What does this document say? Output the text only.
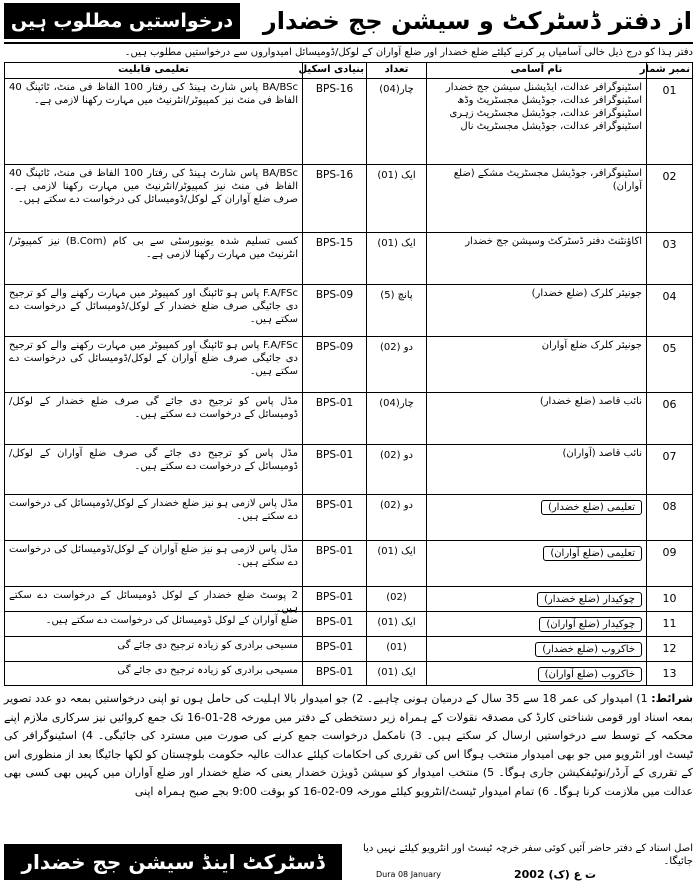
درخواستیں مطلوب ہیں	از دفتر ڈسٹرکٹ و سیشن جج خضدار
دفتر ہذا کو درج ذیل خالی آسامیاں پر کرنے کیلئے ضلع خضدار اور ضلع آواران کے لوکل/ڈومیسائل امیدواروں سے درخواستیں مطلوب ہیں۔
نمبر شمار
نام آسامی
تعداد
بنیادی اسکیل
تعلیمی قابلیت
01
اسٹینوگرافر عدالت، ایڈیشنل سیشن جج خضدار
اسٹینوگرافر عدالت، جوڈیشل مجسٹریٹ وڈھ
اسٹینوگرافر عدالت، جوڈیشل مجسٹریٹ زہری
اسٹینوگرافر عدالت، جوڈیشل مجسٹریٹ نال
چار(04)
BPS-16
BA/BSc پاس شارٹ ہینڈ کی رفتار 100 الفاظ فی منٹ، ٹائپنگ 40 الفاظ فی منٹ نیز کمپیوٹر/انٹرنیٹ میں مہارت رکھنا لازمی ہے۔
02
اسٹینوگرافر، جوڈیشل مجسٹریٹ مشکے (ضلع آواران)
ایک (01)
BPS-16
BA/BSc پاس شارٹ ہینڈ کی رفتار 100 الفاظ فی منٹ، ٹائپنگ 40 الفاظ فی منٹ نیز کمپیوٹر/انٹرنیٹ میں مہارت رکھنا لازمی ہے۔ صرف ضلع آواران کے لوکل/ڈومیسائل کی درخواست دے سکتے ہیں۔
03
اکاؤنٹنٹ دفتر ڈسٹرکٹ وسیشن جج خضدار
ایک (01)
BPS-15
کسی تسلیم شدہ یونیورسٹی سے بی کام (B.Com) نیز کمپیوٹر/انٹرنیٹ میں مہارت رکھنا لازمی ہے۔
04
جونیئر کلرک (ضلع خضدار)
پانچ (5)
BPS-09
F.A/FSc پاس ہو ٹائپنگ اور کمپیوٹر میں مہارت رکھنے والے کو ترجیح دی جائیگی صرف ضلع خضدار کے لوکل/ڈومیسائل کے درخواست دے سکتے ہیں۔
05
جونیئر کلرک ضلع آواران
دو (02)
BPS-09
F.A/FSc پاس ہو ٹائپنگ اور کمپیوٹر میں مہارت رکھنے والے کو ترجیح دی جائیگی صرف ضلع آواران کے لوکل/ڈومیسائل کی درخواست دے سکتے ہیں۔
06
نائب قاصد (ضلع خضدار)
چار(04)
BPS-01
مڈل پاس کو ترجیح دی جائے گی صرف ضلع خضدار کے لوکل/ڈومیسائل کے درخواست دے سکتے ہیں۔
07
نائب قاصد (آواران)
دو (02)
BPS-01
مڈل پاس کو ترجیح دی جائے گی صرف ضلع آواران کے لوکل/ڈومیسائل کے درخواست دے سکتے ہیں۔
08
تعلیمی (ضلع خضدار)
دو (02)
BPS-01
مڈل پاس لازمی ہو نیز ضلع خضدار کے لوکل/ڈومیسائل کی درخواست دے سکتے ہیں۔
09
تعلیمی (ضلع آواران)
ایک (01)
BPS-01
مڈل پاس لازمی ہو نیز ضلع آواران کے لوکل/ڈومیسائل کی درخواست دے سکتے ہیں۔
10
چوکیدار (ضلع خضدار)
(02)
BPS-01
2 پوسٹ ضلع خضدار کے لوکل ڈومیسائل کے درخواست دے سکتے ہیں۔
11
چوکیدار (ضلع آواران)
ایک (01)
BPS-01
ضلع آواران کے لوکل ڈومیسائل کی درخواست دے سکتے ہیں۔
12
خاکروب (ضلع خضدار)
(01)
BPS-01
مسیحی برادری کو زیادہ ترجیح دی جائے گی
13
خاکروب (ضلع آواران)
ایک (01)
BPS-01
مسیحی برادری کو زیادہ ترجیح دی جائے گی
شرائط: 1) امیدوار کی عمر 18 سے 35 سال کے درمیان ہونی چاہیے۔ 2) جو امیدوار بالا اہلیت کی حامل ہوں تو اپنی درخواستیں بمعہ دو عدد تصویر بمعہ اسناد اور قومی شناختی کارڈ کی مصدقہ نقولات کے ہمراہ زیر دستخطی کے دفتر میں مورخہ 28-01-16 تک جمع کروائیں نیز سرکاری ملازم اپنے محکمہ کے توسط سے درخواستیں ارسال کر سکتے ہیں۔ 3) نامکمل درخواست جمع کرنے کی صورت میں مسترد کی جائیگی۔ 4) اسٹینوگرافر کی ٹیسٹ اور انٹرویو میں جو بھی امیدوار منتخب ہوگا اس کی تقرری کی احکامات کیلئے عدالت عالیہ حکومت بلوچستان کو لکھا جائیگا بعد از منظوری اس کے تقرری کے آرڈر/نوٹیفکیشن جاری ہوگا۔ 5) منتخب امیدوار کو سیشن ڈویژن خضدار یعنی کہ ضلع خضدار اور ضلع آواران میں کہیں بھی کسی بھی عدالت میں ملازمت کرنا ہوگا۔ 6) تمام امیدوار ٹیسٹ/انٹرویو کیلئے مورخہ 09-02-16 کو بوقت 9:00 بجے صبح ہمراہ اپنی
ڈسٹرکٹ اینڈ سیشن جج خضدار
اصل اسناد کے دفتر حاضر آئیں کوئی سفر خرچہ ٹیسٹ اور انٹرویو کیلئے نہیں دیا جائیگا۔
Dura 08 January	ت ع (ک) 2002
